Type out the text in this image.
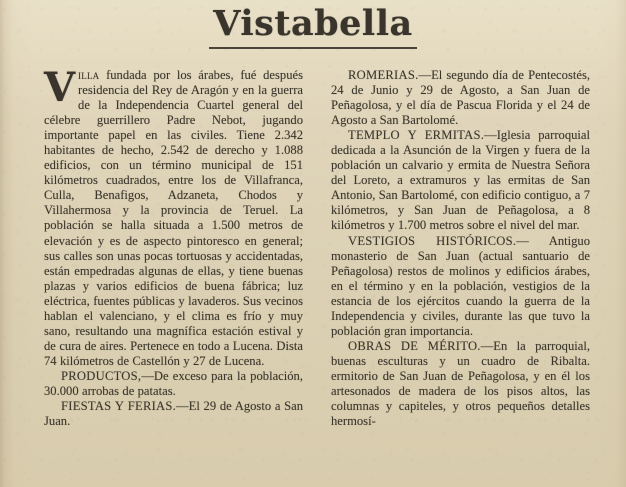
Vistabella

Villa fundada por los árabes, fué después residencia del Rey de Aragón y en la guerra de la Independencia Cuartel general del célebre guerrillero Padre Nebot, jugando importante papel en las civiles. Tiene 2.342 habitantes de hecho, 2.542 de derecho y 1.088 edificios, con un término municipal de 151 kilómetros cuadrados, entre los de Villafranca, Culla, Benafigos, Adzaneta, Chodos y Villahermosa y la provincia de Teruel. La población se halla situada a 1.500 metros de elevación y es de aspecto pintoresco en general; sus calles son unas pocas tortuosas y accidentadas, están empedradas algunas de ellas, y tiene buenas plazas y varios edificios de buena fábrica; luz eléctrica, fuentes públicas y lavaderos. Sus vecinos hablan el valenciano, y el clima es frío y muy sano, resultando una magnífica estación estival y de cura de aires. Pertenece en todo a Lucena. Dista 74 kilómetros de Castellón y 27 de Lucena.

PRODUCTOS,—De exceso para la población, 30.000 arrobas de patatas.

FIESTAS Y FERIAS.—El 29 de Agosto a San Juan.

ROMERIAS.—El segundo día de Pentecostés, 24 de Junio y 29 de Agosto, a San Juan de Peñagolosa, y el día de Pascua Florida y el 24 de Agosto a San Bartolomé.

TEMPLO Y ERMITAS.—Iglesia parroquial dedicada a la Asunción de la Virgen y fuera de la población un calvario y ermita de Nuestra Señora del Loreto, a extramuros y las ermitas de San Antonio, San Bartolomé, con edificio contiguo, a 7 kilómetros, y San Juan de Peñagolosa, a 8 kilómetros y 1.700 metros sobre el nivel del mar.

VESTIGIOS HISTÓRICOS.— Antiguo monasterio de San Juan (actual santuario de Peñagolosa) restos de molinos y edificios árabes, en el término y en la población, vestigios de la estancia de los ejércitos cuando la guerra de la Independencia y civiles, durante las que tuvo la población gran importancia.

OBRAS DE MÉRITO.—En la parroquial, buenas esculturas y un cuadro de Ribalta. ermitorio de San Juan de Peñagolosa, y en él los artesonados de madera de los pisos altos, las columnas y capiteles, y otros pequeños detalles hermosí-
